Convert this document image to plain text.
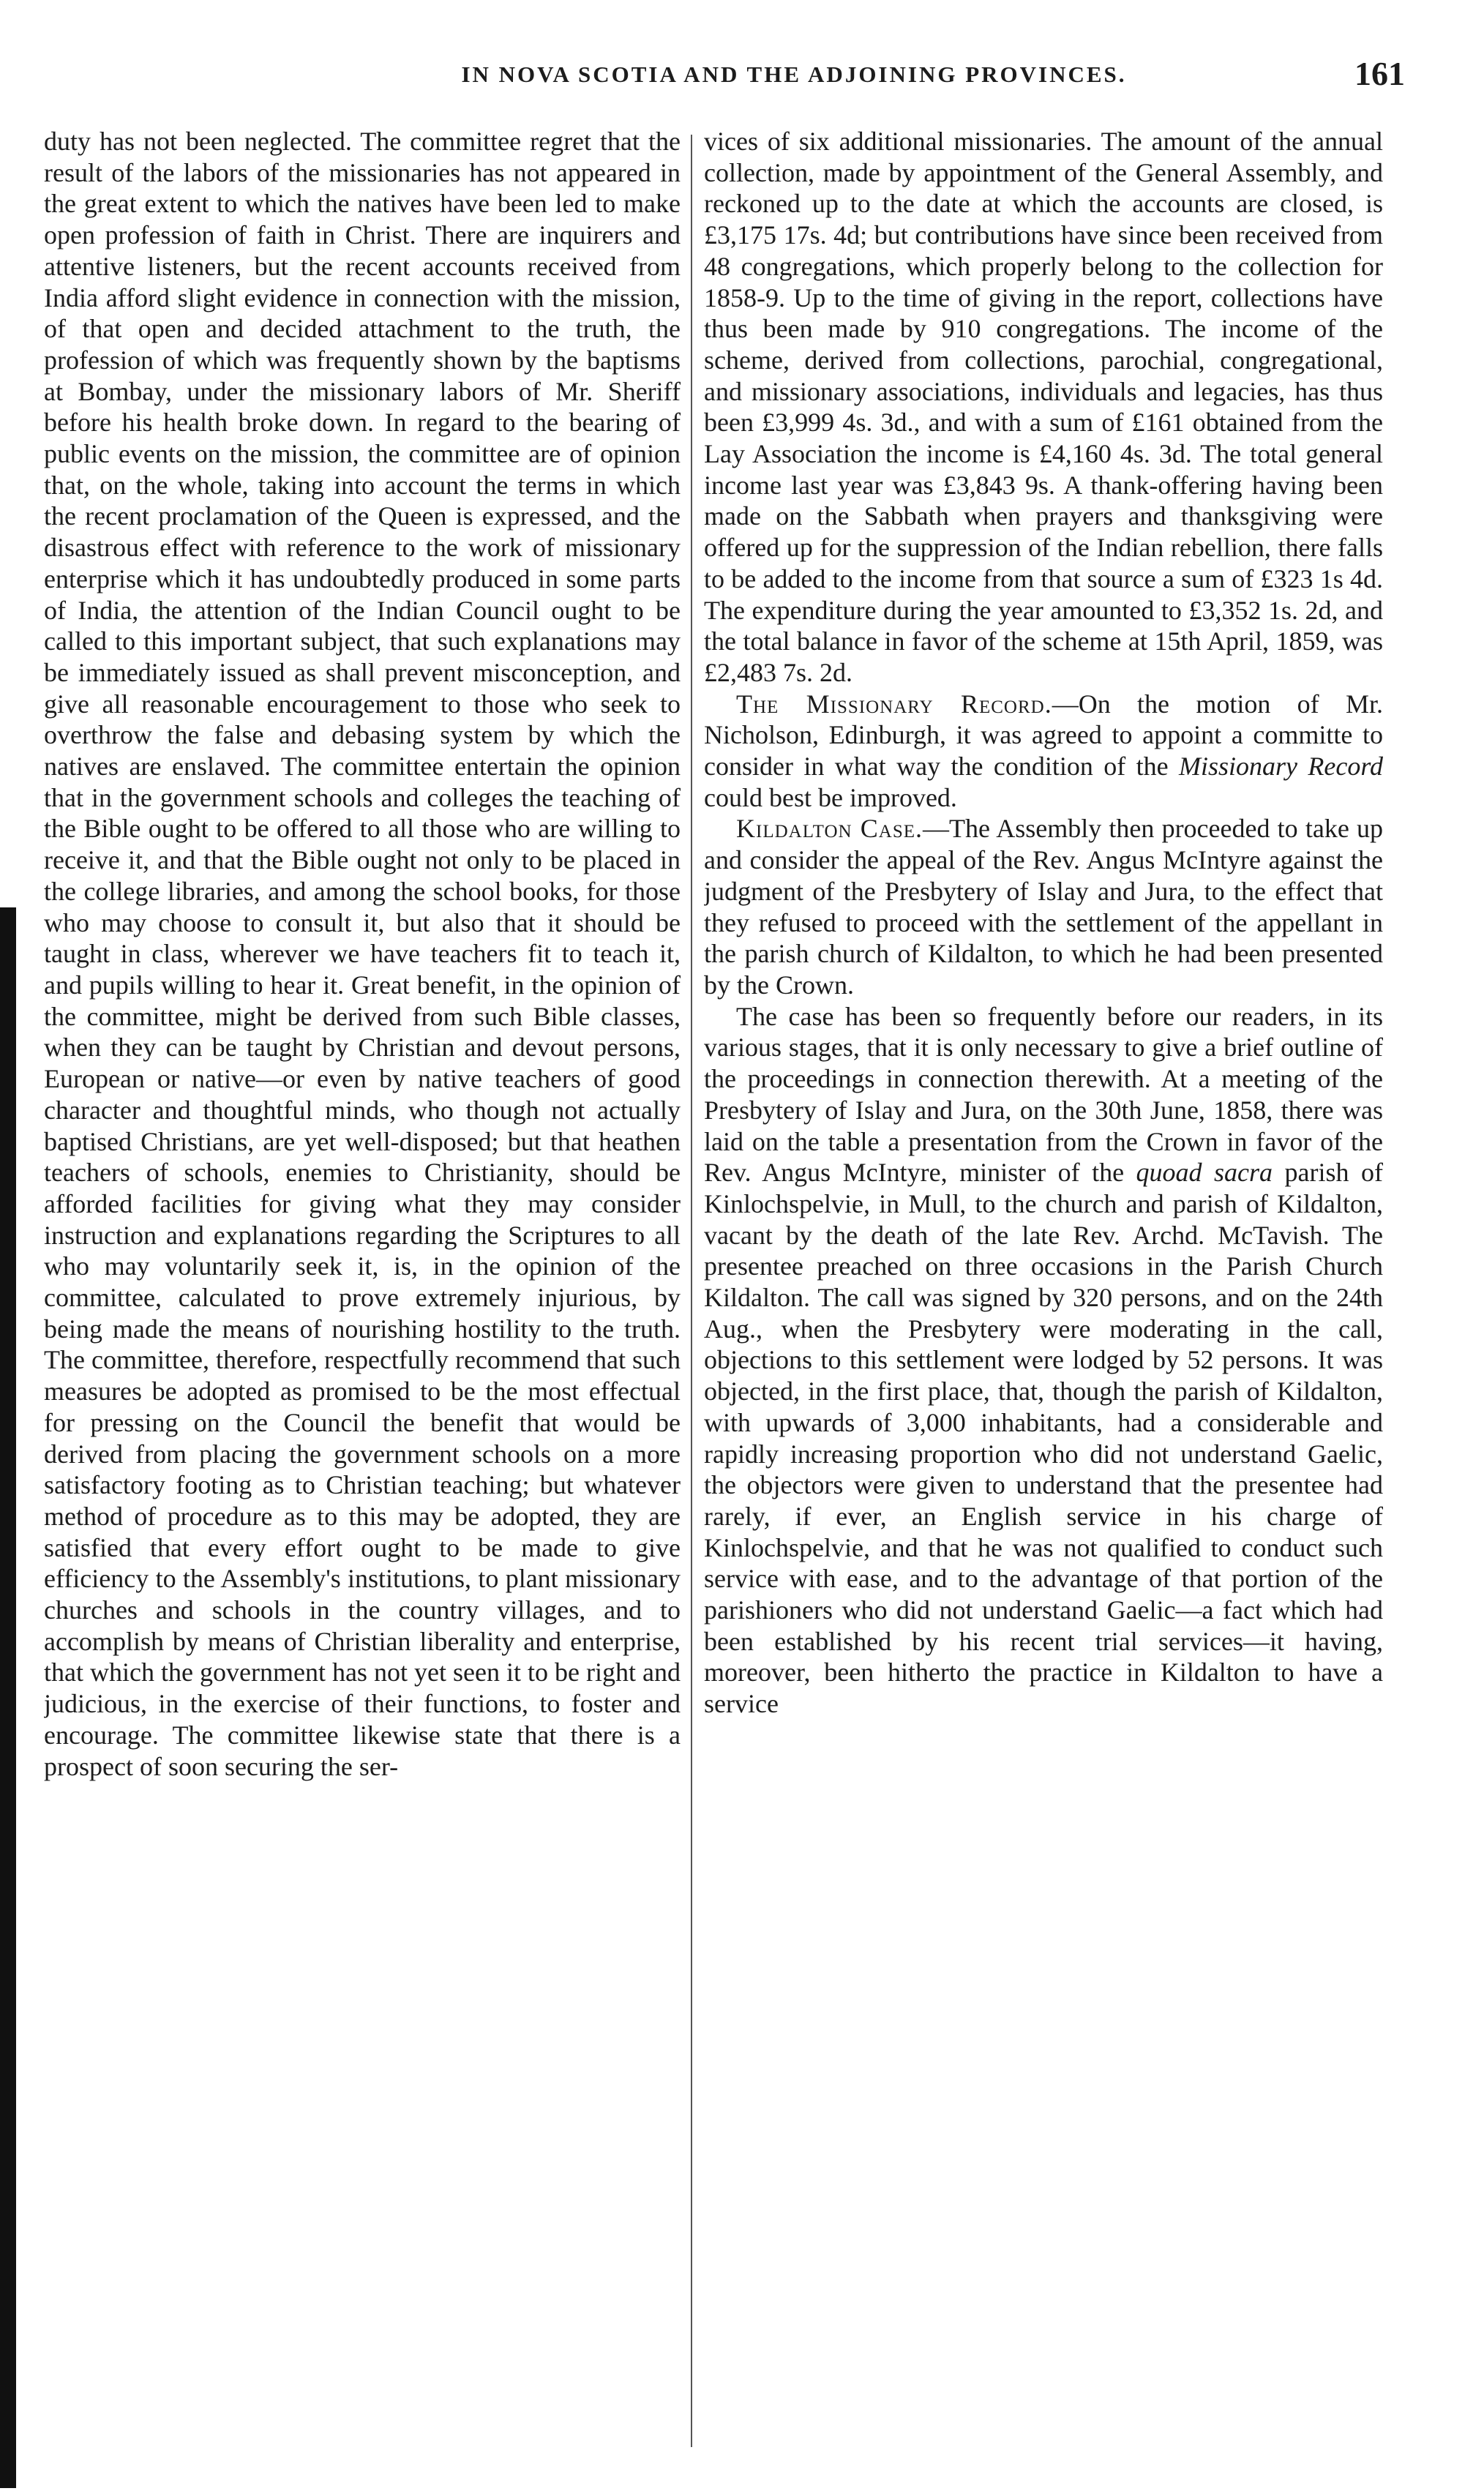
IN NOVA SCOTIA AND THE ADJOINING PROVINCES.	161

duty has not been neglected. The committee regret that the result of the labors of the missionaries has not appeared in the great extent to which the natives have been led to make open profession of faith in Christ. There are inquirers and attentive listeners, but the recent accounts received from India afford slight evidence in connection with the mission, of that open and decided attachment to the truth, the profession of which was frequently shown by the baptisms at Bombay, under the missionary labors of Mr. Sheriff before his health broke down. In regard to the bearing of public events on the mission, the committee are of opinion that, on the whole, taking into account the terms in which the recent proclamation of the Queen is expressed, and the disastrous effect with reference to the work of missionary enterprise which it has undoubtedly produced in some parts of India, the attention of the Indian Council ought to be called to this important subject, that such explanations may be immediately issued as shall prevent misconception, and give all reasonable encouragement to those who seek to overthrow the false and debasing system by which the natives are enslaved. The committee entertain the opinion that in the government schools and colleges the teaching of the Bible ought to be offered to all those who are willing to receive it, and that the Bible ought not only to be placed in the college libraries, and among the school books, for those who may choose to consult it, but also that it should be taught in class, wherever we have teachers fit to teach it, and pupils willing to hear it. Great benefit, in the opinion of the committee, might be derived from such Bible classes, when they can be taught by Christian and devout persons, European or native—or even by native teachers of good character and thoughtful minds, who though not actually baptised Christians, are yet well-disposed; but that heathen teachers of schools, enemies to Christianity, should be afforded facilities for giving what they may consider instruction and explanations regarding the Scriptures to all who may voluntarily seek it, is, in the opinion of the committee, calculated to prove extremely injurious, by being made the means of nourishing hostility to the truth. The committee, therefore, respectfully recommend that such measures be adopted as promised to be the most effectual for pressing on the Council the benefit that would be derived from placing the government schools on a more satisfactory footing as to Christian teaching; but whatever method of procedure as to this may be adopted, they are satisfied that every effort ought to be made to give efficiency to the Assembly's institutions, to plant missionary churches and schools in the country villages, and to accomplish by means of Christian liberality and enterprise, that which the government has not yet seen it to be right and judicious, in the exercise of their functions, to foster and encourage. The committee likewise state that there is a prospect of soon securing the ser-

vices of six additional missionaries. The amount of the annual collection, made by appointment of the General Assembly, and reckoned up to the date at which the accounts are closed, is £3,175 17s. 4d; but contributions have since been received from 48 congregations, which properly belong to the collection for 1858-9. Up to the time of giving in the report, collections have thus been made by 910 congregations. The income of the scheme, derived from collections, parochial, congregational, and missionary associations, individuals and legacies, has thus been £3,999 4s. 3d., and with a sum of £161 obtained from the Lay Association the income is £4,160 4s. 3d. The total general income last year was £3,843 9s. A thank-offering having been made on the Sabbath when prayers and thanksgiving were offered up for the suppression of the Indian rebellion, there falls to be added to the income from that source a sum of £323 1s 4d. The expenditure during the year amounted to £3,352 1s. 2d, and the total balance in favor of the scheme at 15th April, 1859, was £2,483 7s. 2d.

The Missionary Record.—On the motion of Mr. Nicholson, Edinburgh, it was agreed to appoint a committe to consider in what way the condition of the Missionary Record could best be improved.

Kildalton Case.—The Assembly then proceeded to take up and consider the appeal of the Rev. Angus McIntyre against the judgment of the Presbytery of Islay and Jura, to the effect that they refused to proceed with the settlement of the appellant in the parish church of Kildalton, to which he had been presented by the Crown.

The case has been so frequently before our readers, in its various stages, that it is only necessary to give a brief outline of the proceedings in connection therewith. At a meeting of the Presbytery of Islay and Jura, on the 30th June, 1858, there was laid on the table a presentation from the Crown in favor of the Rev. Angus McIntyre, minister of the quoad sacra parish of Kinlochspelvie, in Mull, to the church and parish of Kildalton, vacant by the death of the late Rev. Archd. McTavish. The presentee preached on three occasions in the Parish Church Kildalton. The call was signed by 320 persons, and on the 24th Aug., when the Presbytery were moderating in the call, objections to this settlement were lodged by 52 persons. It was objected, in the first place, that, though the parish of Kildalton, with upwards of 3,000 inhabitants, had a considerable and rapidly increasing proportion who did not understand Gaelic, the objectors were given to understand that the presentee had rarely, if ever, an English service in his charge of Kinlochspelvie, and that he was not qualified to conduct such service with ease, and to the advantage of that portion of the parishioners who did not understand Gaelic—a fact which had been established by his recent trial services—it having, moreover, been hitherto the practice in Kildalton to have a service
